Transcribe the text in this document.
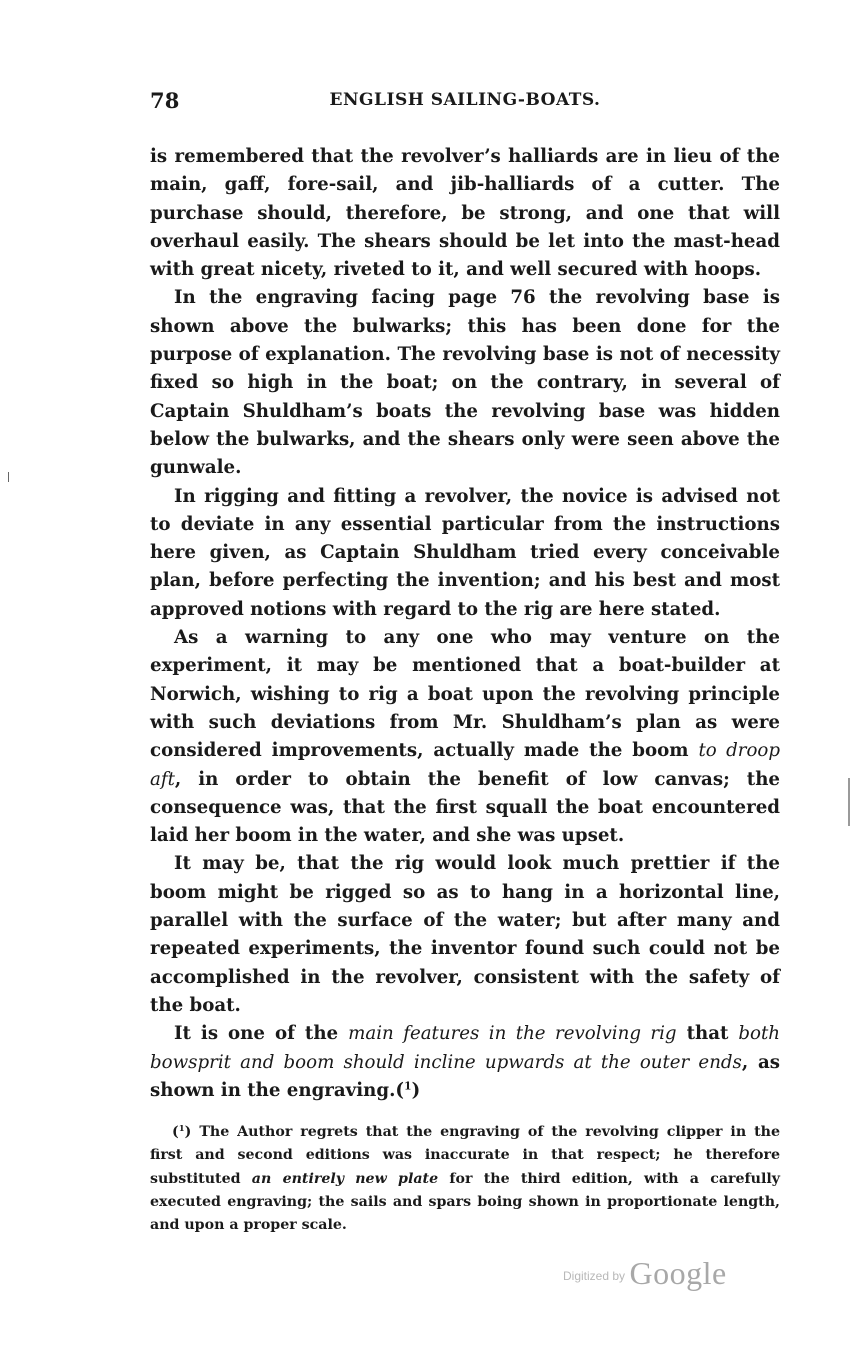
78	ENGLISH SAILING-BOATS.

is remembered that the revolver’s halliards are in lieu of the main, gaff, fore-sail, and jib-halliards of a cutter. The purchase should, therefore, be strong, and one that will overhaul easily. The shears should be let into the mast-head with great nicety, riveted to it, and well secured with hoops.

In the engraving facing page 76 the revolving base is shown above the bulwarks; this has been done for the purpose of explanation. The revolving base is not of necessity fixed so high in the boat; on the contrary, in several of Captain Shuldham’s boats the revolving base was hidden below the bulwarks, and the shears only were seen above the gunwale.

In rigging and fitting a revolver, the novice is advised not to deviate in any essential particular from the instructions here given, as Captain Shuldham tried every conceivable plan, before perfecting the invention; and his best and most approved notions with regard to the rig are here stated.

As a warning to any one who may venture on the experiment, it may be mentioned that a boat-builder at Norwich, wishing to rig a boat upon the revolving principle with such deviations from Mr. Shuldham’s plan as were considered improvements, actually made the boom to droop aft, in order to obtain the benefit of low canvas; the consequence was, that the first squall the boat encountered laid her boom in the water, and she was upset.

It may be, that the rig would look much prettier if the boom might be rigged so as to hang in a horizontal line, parallel with the surface of the water; but after many and repeated experiments, the inventor found such could not be accomplished in the revolver, consistent with the safety of the boat.

It is one of the main features in the revolving rig that both bowsprit and boom should incline upwards at the outer ends, as shown in the engraving.($^1$)

($^1$) The Author regrets that the engraving of the revolving clipper in the first and second editions was inaccurate in that respect; he therefore substituted an entirely new plate for the third edition, with a carefully executed engraving; the sails and spars boing shown in proportionate length, and upon a proper scale.
$^{Digitized by}$ Google
